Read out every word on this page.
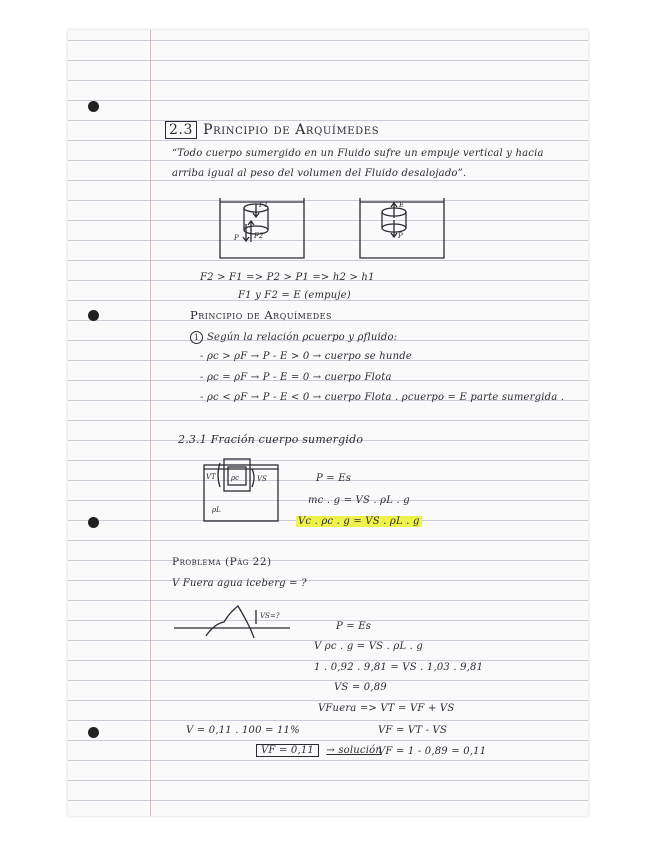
2.3 Principio de Arquímedes
“Todo cuerpo sumergido en un Fluido sufre un empuje vertical y hacia
arriba igual al peso del volumen del Fluido desalojado”.
F1
F2
P
E
P
F2 > F1 => P2 > P1 => h2 > h1
F1 y F2 = E (empuje)
Principio de Arquímedes
1 Según la relación ρcuerpo y ρfluido:
- ρc > ρF → P - E > 0 → cuerpo se hunde
- ρc = ρF → P - E = 0 → cuerpo Flota
- ρc < ρF → P - E < 0 → cuerpo Flota . ρcuerpo = E parte sumergida .
2.3.1 Fración cuerpo sumergido
VT ρc	VS
ρL
P = Es
mc . g = VS . ρL . g
Vc . ρc . g = VS . ρL . g
Problema (Pág 22)
V Fuera agua iceberg = ?
VS=?
P = Es
V ρc . g = VS . ρL . g
1 . 0,92 . 9,81 = VS . 1,03 . 9,81
VS = 0,89
VFuera => VT = VF + VS
VF = VT - VS
VF = 1 - 0,89 = 0,11
V = 0,11 . 100 = 11%
VF = 0,11 → solución
